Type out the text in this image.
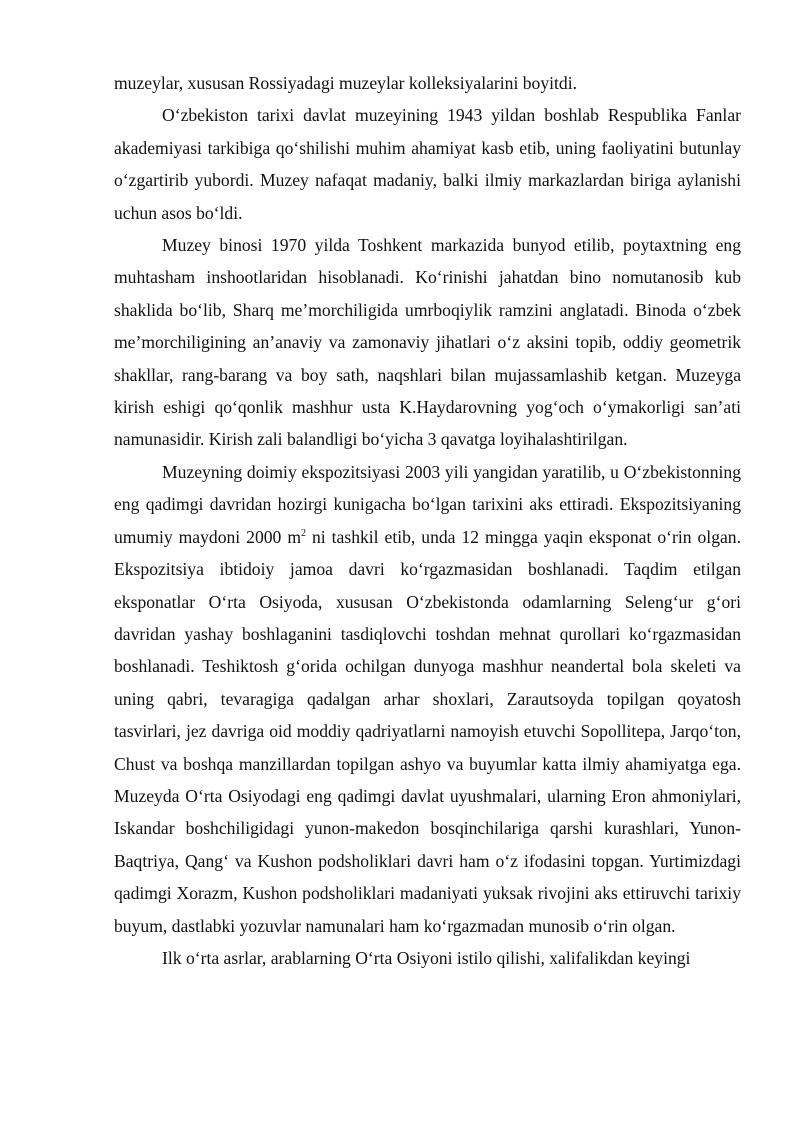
muzeylar, xususan Rossiyadagi muzeylar kolleksiyalarini boyitdi.

O‘zbekiston tarixi davlat muzeyining 1943 yildan boshlab Respublika Fanlar akademiyasi tarkibiga qo‘shilishi muhim ahamiyat kasb etib, uning faoliyatini butunlay o‘zgartirib yubordi. Muzey nafaqat madaniy, balki ilmiy markazlardan biriga aylanishi uchun asos bo‘ldi.

Muzey binosi 1970 yilda Toshkent markazida bunyod etilib, poytaxtning eng muhtasham inshootlaridan hisoblanadi. Ko‘rinishi jahatdan bino nomutanosib kub shaklida bo‘lib, Sharq me’morchiligida umrboqiylik ramzini anglatadi. Binoda o‘zbek me’morchiligining an’anaviy va zamonaviy jihatlari o‘z aksini topib, oddiy geometrik shakllar, rang-barang va boy sath, naqshlari bilan mujassamlashib ketgan. Muzeyga kirish eshigi qo‘qonlik mashhur usta K.Haydarovning yog‘och o‘ymakorligi san’ati namunasidir. Kirish zali balandligi bo‘yicha 3 qavatga loyihalashtirilgan.

Muzeyning doimiy ekspozitsiyasi 2003 yili yangidan yaratilib, u O‘zbekistonning eng qadimgi davridan hozirgi kunigacha bo‘lgan tarixini aks ettiradi. Ekspozitsiyaning umumiy maydoni 2000 $m^2$ ni tashkil etib, unda 12 mingga yaqin eksponat o‘rin olgan. Ekspozitsiya ibtidoiy jamoa davri ko‘rgazmasidan boshlanadi. Taqdim etilgan eksponatlar O‘rta Osiyoda, xususan O‘zbekistonda odamlarning Seleng‘ur g‘ori davridan yashay boshlaganini tasdiqlovchi toshdan mehnat qurollari ko‘rgazmasidan boshlanadi. Teshiktosh g‘orida ochilgan dunyoga mashhur neandertal bola skeleti va uning qabri, tevaragiga qadalgan arhar shoxlari, Zarautsoyda topilgan qoyatosh tasvirlari, jez davriga oid moddiy qadriyatlarni namoyish etuvchi Sopollitepa, Jarqo‘ton, Chust va boshqa manzillardan topilgan ashyo va buyumlar katta ilmiy ahamiyatga ega. Muzeyda O‘rta Osiyodagi eng qadimgi davlat uyushmalari, ularning Eron ahmoniylari, Iskandar boshchiligidagi yunon-makedon bosqinchilariga qarshi kurashlari, Yunon-Baqtriya, Qang‘ va Kushon podsholiklari davri ham o‘z ifodasini topgan. Yurtimizdagi qadimgi Xorazm, Kushon podsholiklari madaniyati yuksak rivojini aks ettiruvchi tarixiy buyum, dastlabki yozuvlar namunalari ham ko‘rgazmadan munosib o‘rin olgan.

Ilk o‘rta asrlar, arablarning O‘rta Osiyoni istilo qilishi, xalifalikdan keyingi
